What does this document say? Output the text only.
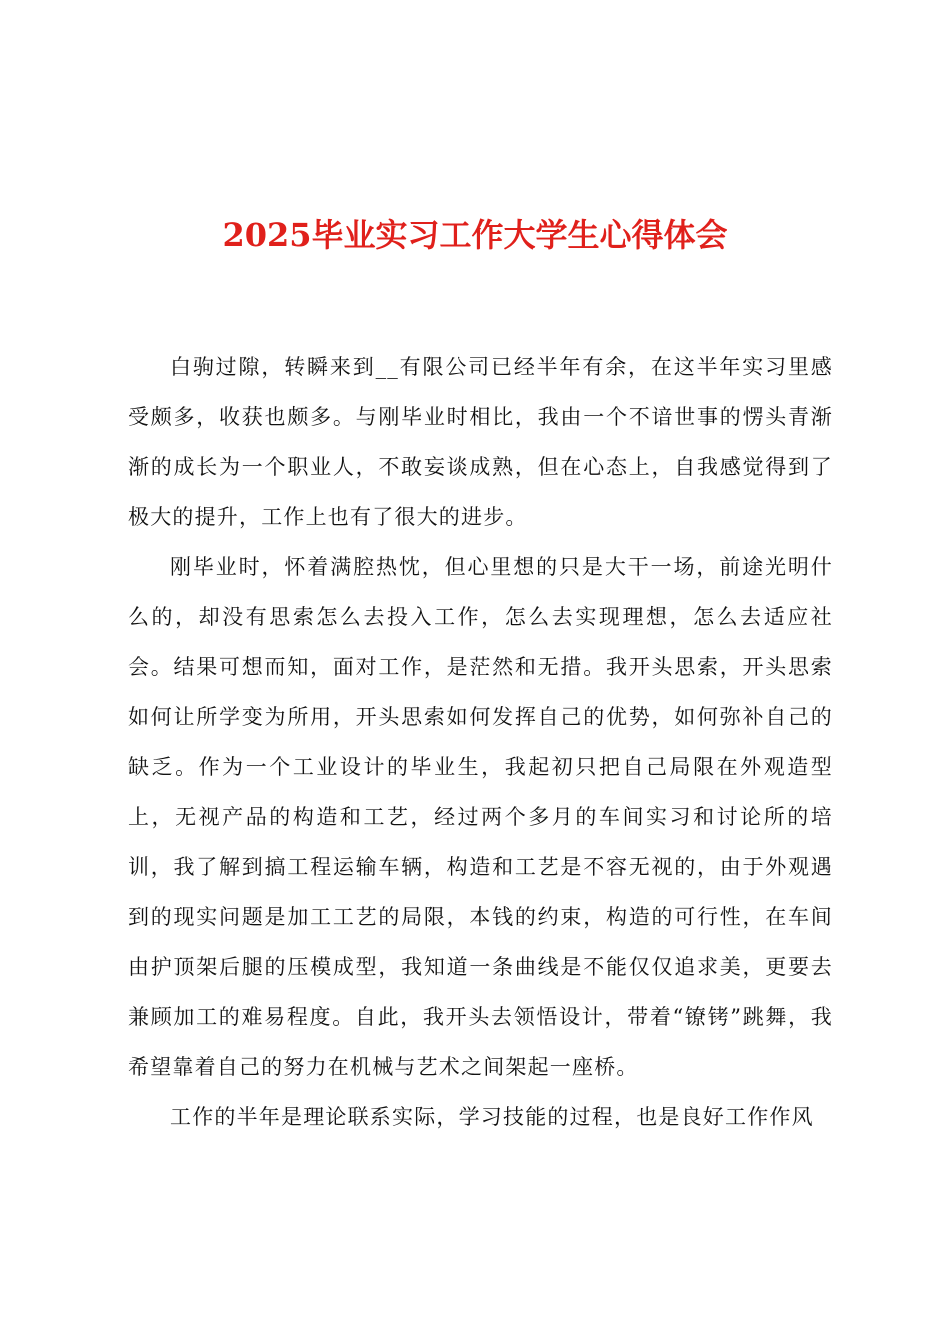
2025毕业实习工作大学生心得体会

白驹过隙，转瞬来到__有限公司已经半年有余，在这半年实习里感受颇多，收获也颇多。与刚毕业时相比，我由一个不谙世事的愣头青渐渐的成长为一个职业人，不敢妄谈成熟，但在心态上，自我感觉得到了极大的提升，工作上也有了很大的进步。

刚毕业时，怀着满腔热忱，但心里想的只是大干一场，前途光明什么的，却没有思索怎么去投入工作，怎么去实现理想，怎么去适应社会。结果可想而知，面对工作，是茫然和无措。我开头思索，开头思索如何让所学变为所用，开头思索如何发挥自己的优势，如何弥补自己的缺乏。作为一个工业设计的毕业生，我起初只把自己局限在外观造型上，无视产品的构造和工艺，经过两个多月的车间实习和讨论所的培训，我了解到搞工程运输车辆，构造和工艺是不容无视的，由于外观遇到的现实问题是加工工艺的局限，本钱的约束，构造的可行性，在车间由护顶架后腿的压模成型，我知道一条曲线是不能仅仅追求美，更要去兼顾加工的难易程度。自此，我开头去领悟设计，带着“镣铐”跳舞，我希望靠着自己的努力在机械与艺术之间架起一座桥。

工作的半年是理论联系实际，学习技能的过程，也是良好工作作风
